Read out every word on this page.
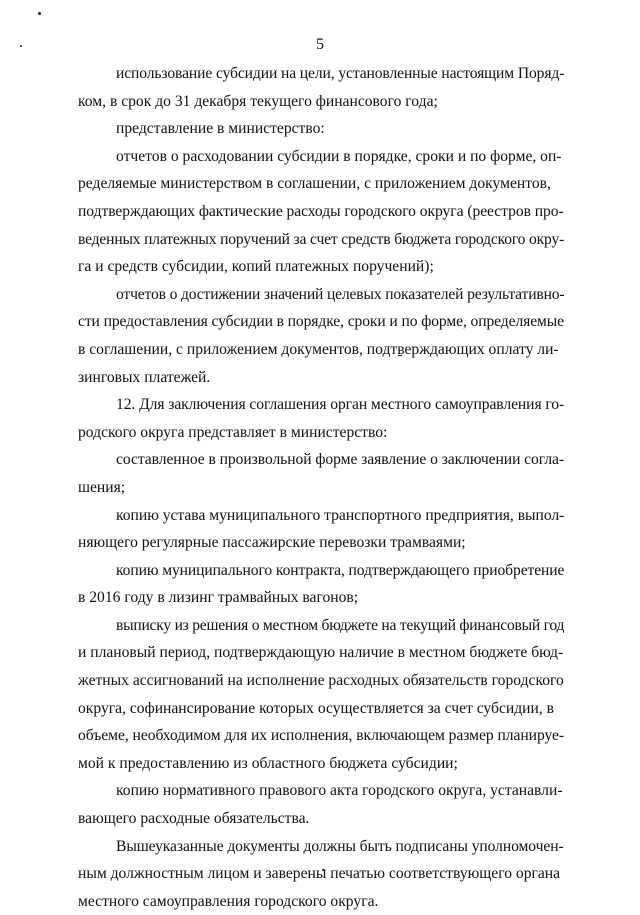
5

использование субсидии на цели, установленные настоящим Поряд-
ком, в срок до 31 декабря текущего финансового года;

представление в министерство:

отчетов о расходовании субсидии в порядке, сроки и по форме, оп-
ределяемые министерством в соглашении, с приложением документов,
подтверждающих фактические расходы городского округа (реестров про-
веденных платежных поручений за счет средств бюджета городского окру-
га и средств субсидии, копий платежных поручений);

отчетов о достижении значений целевых показателей результативно-
сти предоставления субсидии в порядке, сроки и по форме, определяемые
в соглашении, с приложением документов, подтверждающих оплату ли-
зинговых платежей.

12. Для заключения соглашения орган местного самоуправления го-
родского округа представляет в министерство:

составленное в произвольной форме заявление о заключении согла-
шения;

копию устава муниципального транспортного предприятия, выпол-
няющего регулярные пассажирские перевозки трамваями;

копию муниципального контракта, подтверждающего приобретение
в 2016 году в лизинг трамвайных вагонов;

выписку из решения о местном бюджете на текущий финансовый год
и плановый период, подтверждающую наличие в местном бюджете бюд-
жетных ассигнований на исполнение расходных обязательств городского
округа, софинансирование которых осуществляется за счет субсидии, в
объеме, необходимом для их исполнения, включающем размер планируе-
мой к предоставлению из областного бюджета субсидии;

копию нормативного правового акта городского округа, устанавли-
вающего расходные обязательства.

Вышеуказанные документы должны быть подписаны уполномочен-
ным должностным лицом и заверены печатью соответствующего органа
местного самоуправления городского округа.
